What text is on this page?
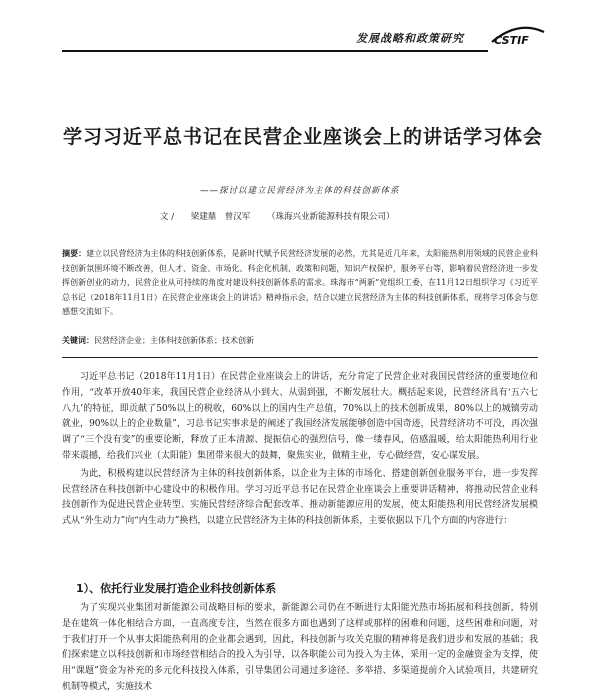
发展战略和政策研究	CSTIF
学习习近平总书记在民营企业座谈会上的讲话学习体会
——探讨以建立民营经济为主体的科技创新体系
文 / 梁建鼎　曾汉军 （珠海兴业新能源科技有限公司）
摘要：建立以民营经济为主体的科技创新体系，是新时代赋予民营经济发展的必然，尤其是近几年来，太阳能热利用领域的民营企业科技创新氛围环境不断改善，但人才、资金、市场化、科企化机制、政策和问题，知识产权保护，服务平台等，影响着民营经济进一步发挥创新创业的动力，民营企业从可持续的角度对建设科技创新体系的需求。珠海市“两新”党组织工委，在11月12日组织学习《习近平总书记（2018年11月1日）在民营企业座谈会上的讲话》精神指示会，结合以建立民营经济为主体的科技创新体系，现将学习体会与您感想交流如下。
关键词：民营经济企业；主体科技创新体系；技术创新

习近平总书记（2018年11月1日）在民营企业座谈会上的讲话，充分肯定了民营企业对我国民营经济的重要地位和作用，“改革开放40年来，我国民营企业经济从小到大、从弱到强，不断发展壮大。概括起来说，民营经济具有‘五六七八九’的特征，即贡献了50%以上的税收，60%以上的国内生产总值，70%以上的技术创新成果，80%以上的城镇劳动就业，90%以上的企业数量”，习总书记实事求是的阐述了我国经济发展能够创造中国奇迹，民营经济功不可没，再次强调了“三个没有变”的重要论断，释放了正本清源、提振信心的强烈信号，像一缕春风，倍感温暖，给太阳能热利用行业带来震撼，给我们兴业（太阳能）集团带来很大的鼓舞，聚焦实业，做精主业，专心做经营，安心谋发展。

为此，积极构建以民营经济为主体的科技创新体系，以企业为主体的市场化、搭建创新创业服务平台，进一步发挥民营经济在科技创新中心建设中的积极作用。学习习近平总书记在民营企业座谈会上重要讲话精神，将推动民营企业科技创新作为促进民营企业转型、实施民营经济综合配套改革、推动新能源应用的发展，使太阳能热利用民营经济发展模式从“外生动力”向“内生动力”换档，以建立民营经济为主体的科技创新体系，主要依据以下几个方面的内容进行：

1）、依托行业发展打造企业科技创新体系

为了实现兴业集团对新能源公司战略目标的要求，新能源公司仍在不断进行太阳能光热市场拓展和科技创新，特别是在建筑一体化相结合方面，一直高度专注，当然在很多方面也遇到了这样或那样的困难和问题，这些困难和问题，对于我们打开一个从事太阳能热利用的企业都会遇到，因此，科技创新与攻关克服的精神将是我们进步和发展的基础；我们探索建立以科技创新和市场经营相结合的投入为引导，以各职能公司为投入为主体，采用一定的金融资金为支撑，使用“课题”资金为补充的多元化科技投入体系，引导集团公司通过多途径、多举措、多渠道提前介入试验项目，共建研究机制等模式，实施技术
